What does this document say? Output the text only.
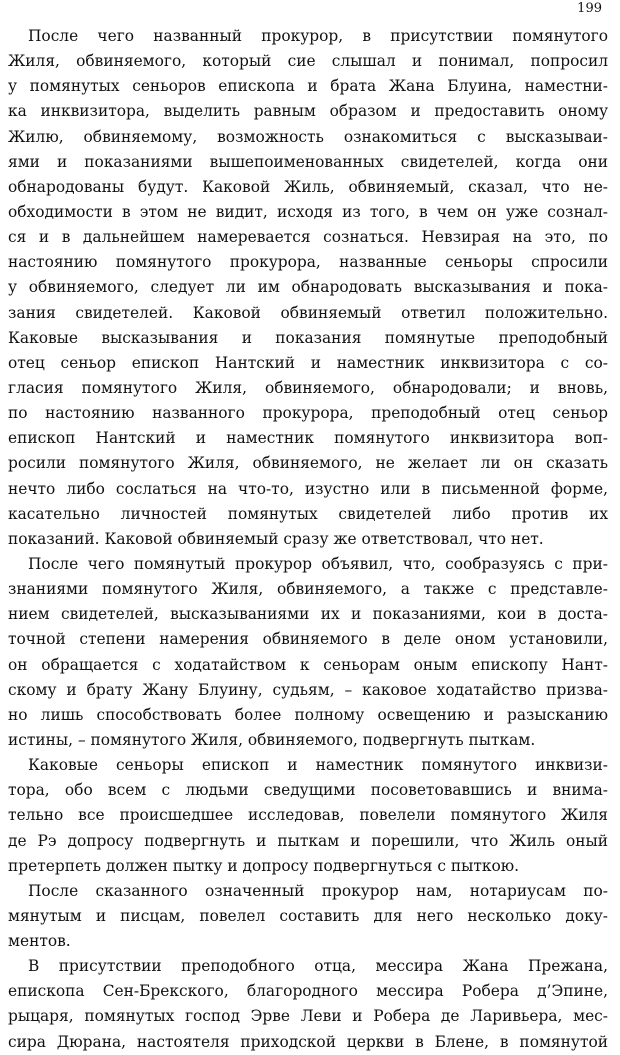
199

После чего названный прокурор, в присутствии помянутого

Жиля, обвиняемого, который сие слышал и понимал, попросил

у помянутых сеньоров епископа и брата Жана Блуина, наместни-

ка инквизитора, выделить равным образом и предоставить оному

Жилю, обвиняемому, возможность ознакомиться с высказываи-

ями и показаниями вышепоименованных свидетелей, когда они

обнародованы будут. Каковой Жиль, обвиняемый, сказал, что не-

обходимости в этом не видит, исходя из того, в чем он уже сознал-

ся и в дальнейшем намеревается сознаться. Невзирая на это, по

настоянию помянутого прокурора, названные сеньоры спросили

у обвиняемого, следует ли им обнародовать высказывания и пока-

зания свидетелей. Каковой обвиняемый ответил положительно.

Каковые высказывания и показания помянутые преподобный

отец сеньор епископ Нантский и наместник инквизитора с со-

гласия помянутого Жиля, обвиняемого, обнародовали; и вновь,

по настоянию названного прокурора, преподобный отец сеньор

епископ Нантский и наместник помянутого инквизитора воп-

росили помянутого Жиля, обвиняемого, не желает ли он сказать

нечто либо сослаться на что-то, изустно или в письменной форме,

касательно личностей помянутых свидетелей либо против их

показаний. Каковой обвиняемый сразу же ответствовал, что нет.

После чего помянутый прокурор объявил, что, сообразуясь с при-

знаниями помянутого Жиля, обвиняемого, а также с представле-

нием свидетелей, высказываниями их и показаниями, кои в доста-

точной степени намерения обвиняемого в деле оном установили,

он обращается с ходатайством к сеньорам оным епископу Нант-

скому и брату Жану Блуину, судьям, – каковое ходатайство призва-

но лишь способствовать более полному освещению и разысканию

истины, – помянутого Жиля, обвиняемого, подвергнуть пыткам.

Каковые сеньоры епископ и наместник помянутого инквизи-

тора, обо всем с людьми сведущими посоветовавшись и внима-

тельно все происшедшее исследовав, повелели помянутого Жиля

де Рэ допросу подвергнуть и пыткам и порешили, что Жиль оный

претерпеть должен пытку и допросу подвергнуться с пыткою.

После сказанного означенный прокурор нам, нотариусам по-

мянутым и писцам, повелел составить для него несколько доку-

ментов.

В присутствии преподобного отца, мессира Жана Прежана,

епископа Сен-Брекского, благородного мессира Робера д’Эпине,

рыцаря, помянутых господ Эрве Леви и Робера де Ларивьера, мес-

сира Дюрана, настоятеля приходской церкви в Блене, в помянутой
